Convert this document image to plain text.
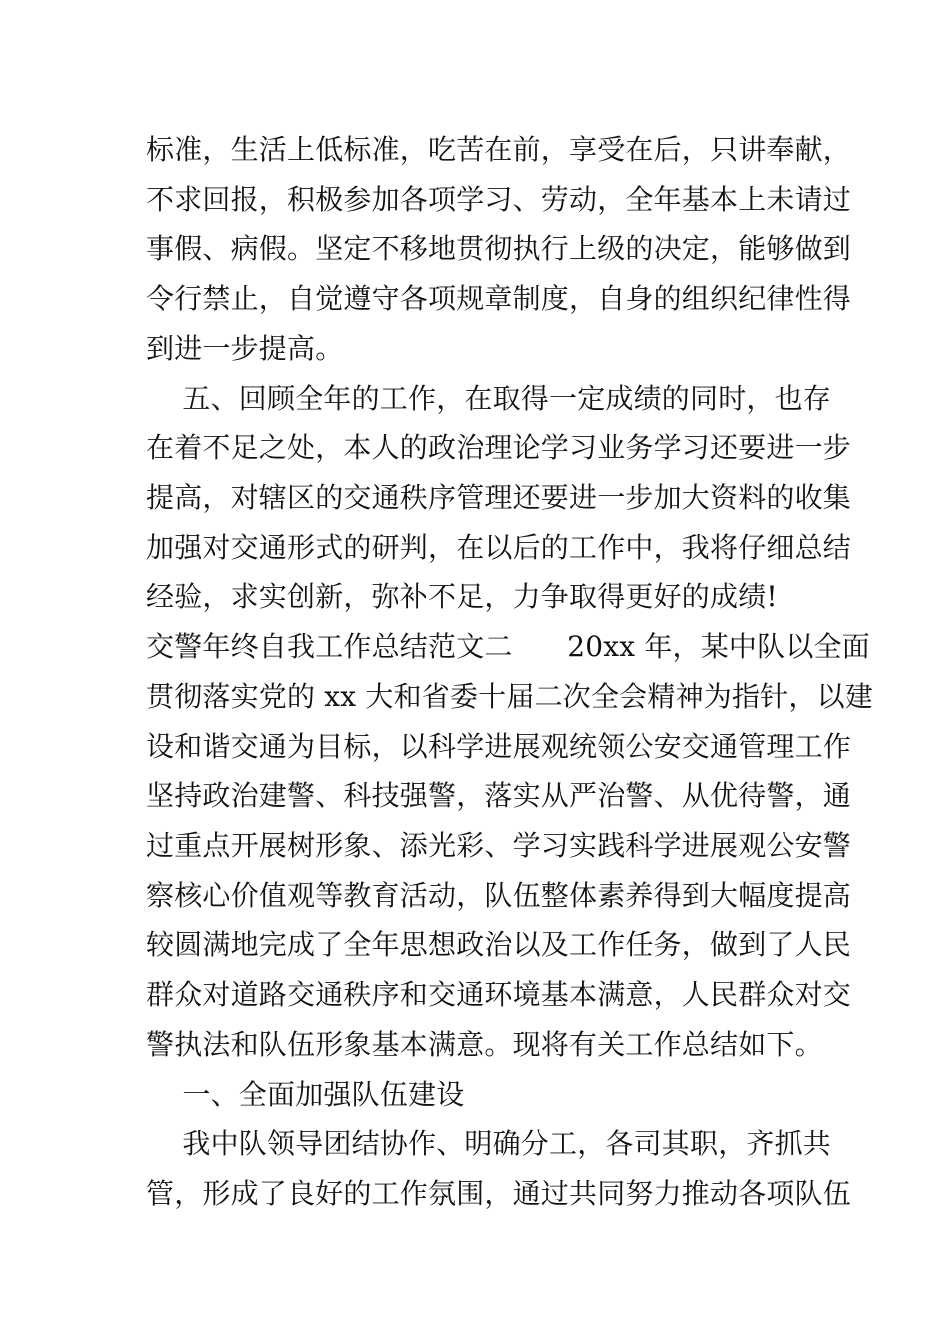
标准，生活上低标准，吃苦在前，享受在后，只讲奉献，
不求回报，积极参加各项学习、劳动，全年基本上未请过
事假、病假。坚定不移地贯彻执行上级的决定，能够做到
令行禁止，自觉遵守各项规章制度，自身的组织纪律性得
到进一步提高。
五、回顾全年的工作，在取得一定成绩的同时，也存
在着不足之处，本人的政治理论学习业务学习还要进一步
提高，对辖区的交通秩序管理还要进一步加大资料的收集
加强对交通形式的研判，在以后的工作中，我将仔细总结
经验，求实创新，弥补不足，力争取得更好的成绩!
交警年终自我工作总结范文二      20xx 年，某中队以全面
贯彻落实党的 xx 大和省委十届二次全会精神为指针，以建
设和谐交通为目标，以科学进展观统领公安交通管理工作
坚持政治建警、科技强警，落实从严治警、从优待警，通
过重点开展树形象、添光彩、学习实践科学进展观公安警
察核心价值观等教育活动，队伍整体素养得到大幅度提高
较圆满地完成了全年思想政治以及工作任务，做到了人民
群众对道路交通秩序和交通环境基本满意，人民群众对交
警执法和队伍形象基本满意。现将有关工作总结如下。
一、全面加强队伍建设
我中队领导团结协作、明确分工，各司其职，齐抓共
管，形成了良好的工作氛围，通过共同努力推动各项队伍
